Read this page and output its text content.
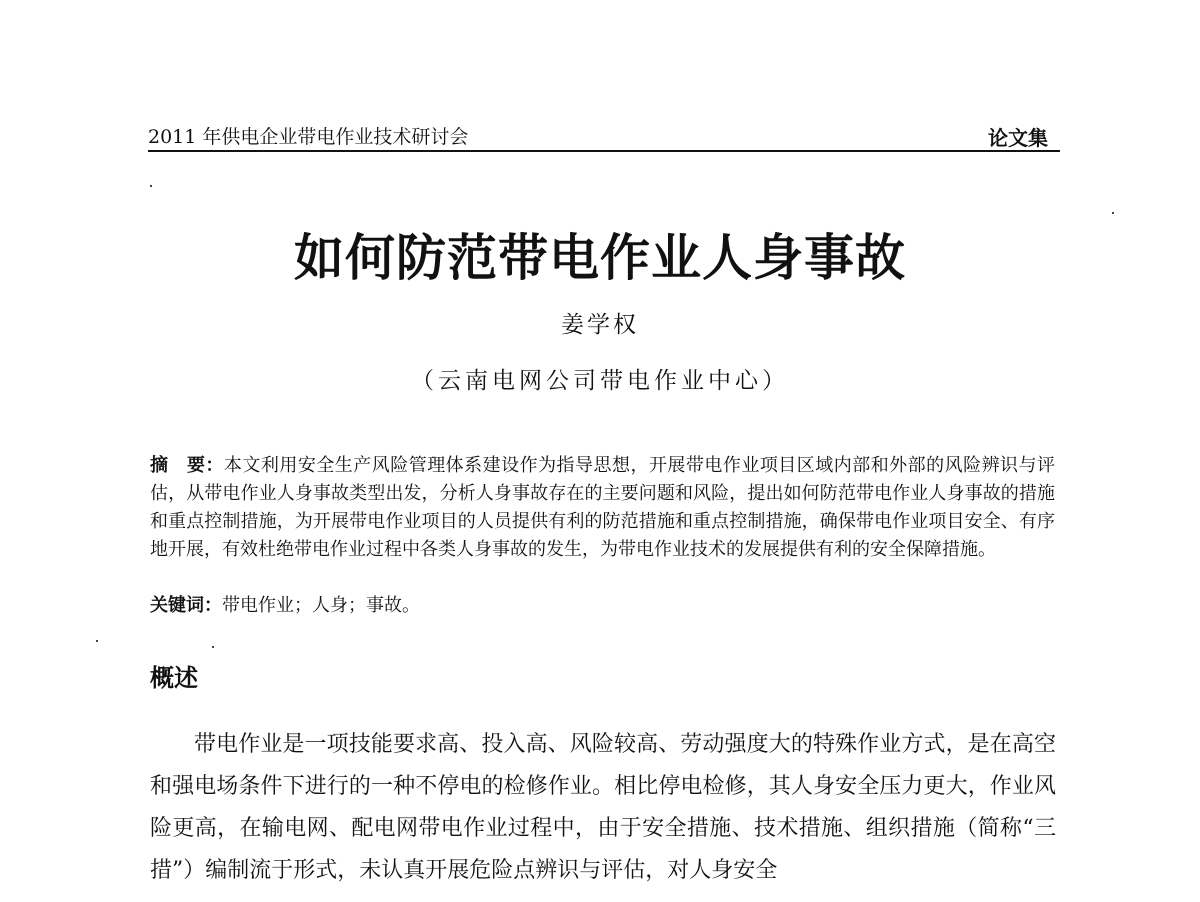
2011 年供电企业带电作业技术研讨会	论文集
如何防范带电作业人身事故
姜学权
（云南电网公司带电作业中心）
摘　要：本文利用安全生产风险管理体系建设作为指导思想，开展带电作业项目区域内部和外部的风险辨识与评估，从带电作业人身事故类型出发，分析人身事故存在的主要问题和风险，提出如何防范带电作业人身事故的措施和重点控制措施，为开展带电作业项目的人员提供有利的防范措施和重点控制措施，确保带电作业项目安全、有序地开展，有效杜绝带电作业过程中各类人身事故的发生，为带电作业技术的发展提供有利的安全保障措施。
关键词：带电作业；人身；事故。
概述
带电作业是一项技能要求高、投入高、风险较高、劳动强度大的特殊作业方式，是在高空和强电场条件下进行的一种不停电的检修作业。相比停电检修，其人身安全压力更大，作业风险更高，在输电网、配电网带电作业过程中，由于安全措施、技术措施、组织措施（简称“三措”）编制流于形式，未认真开展危险点辨识与评估，对人身安全
